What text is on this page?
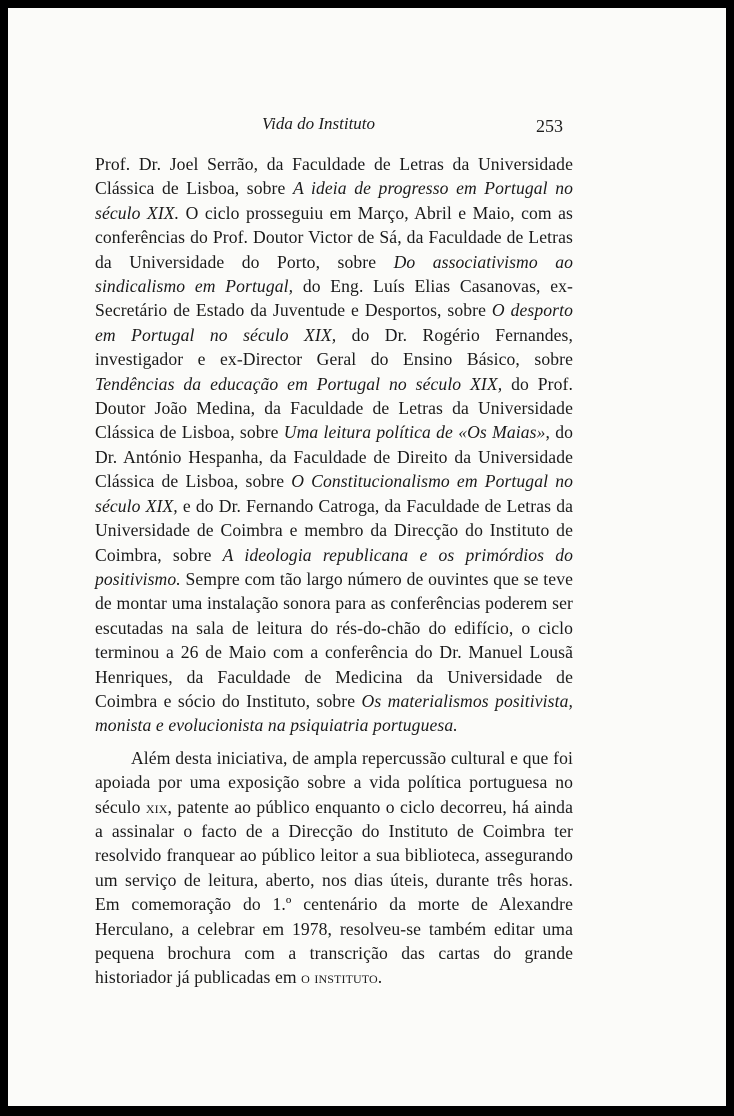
Vida do Instituto	253

Prof. Dr. Joel Serrão, da Faculdade de Letras da Universidade Clássica de Lisboa, sobre A ideia de progresso em Portugal no século XIX. O ciclo prosseguiu em Março, Abril e Maio, com as conferências do Prof. Doutor Victor de Sá, da Faculdade de Letras da Universidade do Porto, sobre Do associativismo ao sindicalismo em Portugal, do Eng. Luís Elias Casanovas, ex-Secretário de Estado da Juventude e Desportos, sobre O desporto em Portugal no século XIX, do Dr. Rogério Fernandes, investigador e ex-Director Geral do Ensino Básico, sobre Tendências da educação em Portugal no século XIX, do Prof. Doutor João Medina, da Faculdade de Letras da Universidade Clássica de Lisboa, sobre Uma leitura política de «Os Maias», do Dr. António Hespanha, da Faculdade de Direito da Universidade Clássica de Lisboa, sobre O Constitucionalismo em Portugal no século XIX, e do Dr. Fernando Catroga, da Faculdade de Letras da Universidade de Coimbra e membro da Direcção do Instituto de Coimbra, sobre A ideologia republicana e os primórdios do positivismo. Sempre com tão largo número de ouvintes que se teve de montar uma instalação sonora para as conferências poderem ser escutadas na sala de leitura do rés-do-chão do edifício, o ciclo terminou a 26 de Maio com a conferência do Dr. Manuel Lousã Henriques, da Faculdade de Medicina da Universidade de Coimbra e sócio do Instituto, sobre Os materialismos positivista, monista e evolucionista na psiquiatria portuguesa.

Além desta iniciativa, de ampla repercussão cultural e que foi apoiada por uma exposição sobre a vida política portuguesa no século xix, patente ao público enquanto o ciclo decorreu, há ainda a assinalar o facto de a Direcção do Instituto de Coimbra ter resolvido franquear ao público leitor a sua biblioteca, assegurando um serviço de leitura, aberto, nos dias úteis, durante três horas. Em comemoração do 1.º centenário da morte de Alexandre Herculano, a celebrar em 1978, resolveu-se também editar uma pequena brochura com a transcrição das cartas do grande historiador já publicadas em o instituto.
